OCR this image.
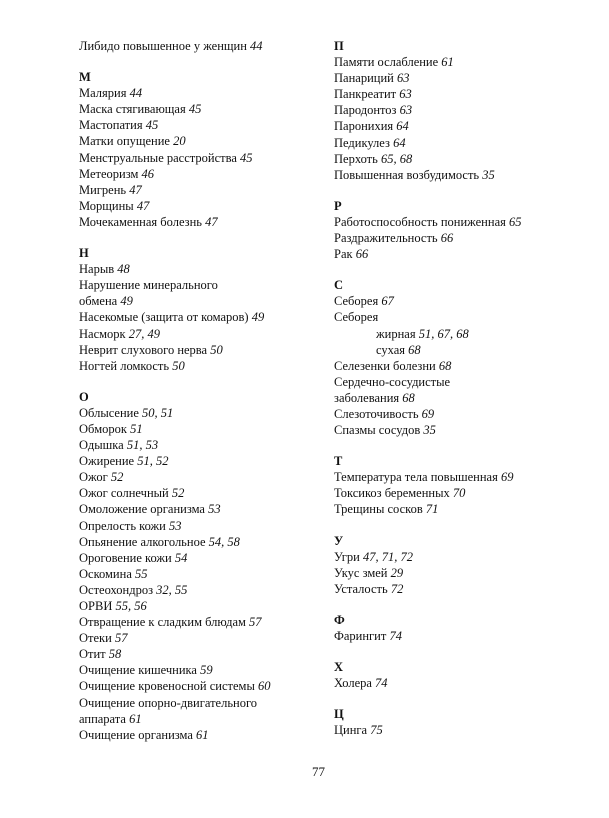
Либидо повышенное у женщин 44
М
Малярия 44
Маска стягивающая 45
Мастопатия 45
Матки опущение 20
Менструальные расстройства 45
Метеоризм 46
Мигрень 47
Морщины 47
Мочекаменная болезнь 47
Н
Нарыв 48
Нарушение минерального
обмена 49
Насекомые (защита от комаров) 49
Насморк 27, 49
Неврит слухового нерва 50
Ногтей ломкость 50
О
Облысение 50, 51
Обморок 51
Одышка 51, 53
Ожирение 51, 52
Ожог 52
Ожог солнечный 52
Омоложение организма 53
Опрелость кожи 53
Опьянение алкогольное 54, 58
Ороговение кожи 54
Оскомина 55
Остеохондроз 32, 55
ОРВИ 55, 56
Отвращение к сладким блюдам 57
Отеки 57
Отит 58
Очищение кишечника 59
Очищение кровеносной системы 60
Очищение опорно-двигательного
аппарата 61
Очищение организма 61
П
Памяти ослабление 61
Панариций 63
Панкреатит 63
Пародонтоз 63
Паронихия 64
Педикулез 64
Перхоть 65, 68
Повышенная возбудимость 35
Р
Работоспособность пониженная 65
Раздражительность 66
Рак 66
С
Себорея 67
Себорея
жирная 51, 67, 68
сухая 68
Селезенки болезни 68
Сердечно-сосудистые
заболевания 68
Слезоточивость 69
Спазмы сосудов 35
Т
Температура тела повышенная 69
Токсикоз беременных 70
Трещины сосков 71
У
Угри 47, 71, 72
Укус змей 29
Усталость 72
Ф
Фарингит 74
Х
Холера 74
Ц
Цинга 75
77
